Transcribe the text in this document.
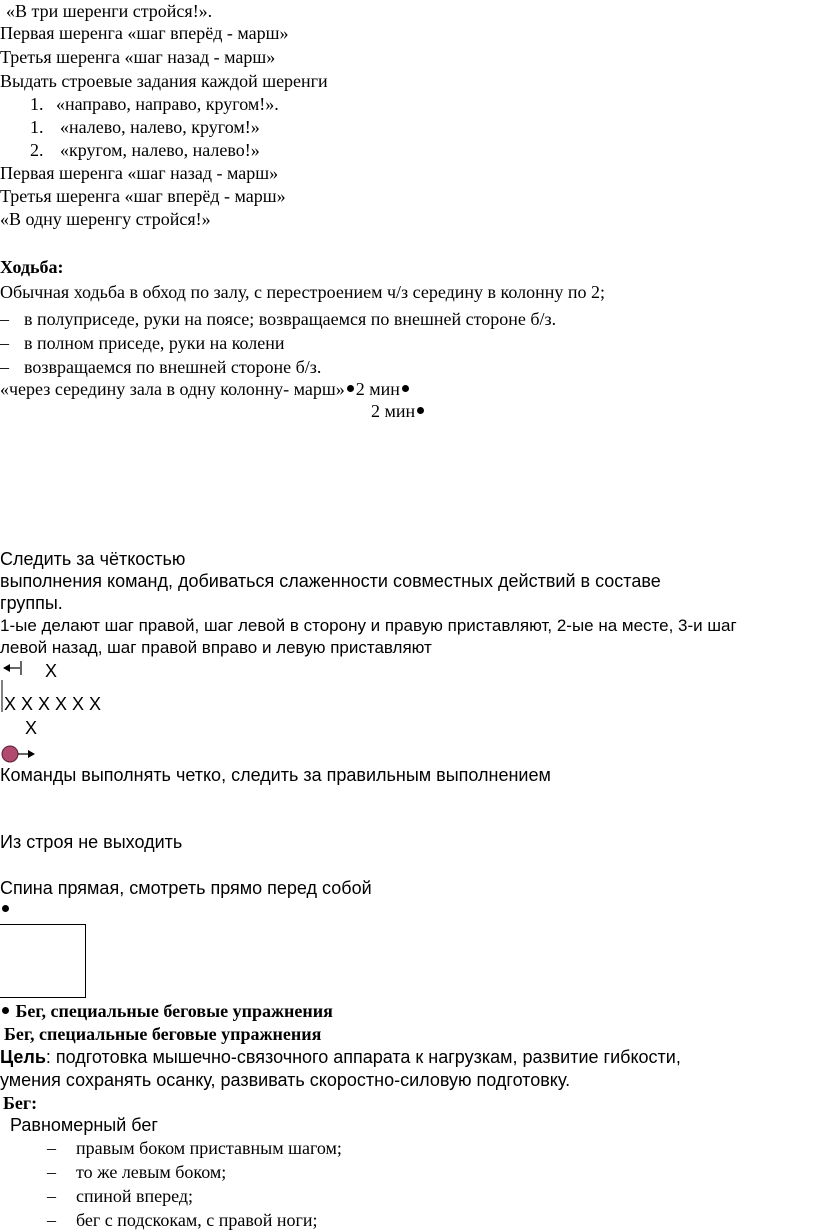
«В три шеренги стройся!».
Первая шеренга «шаг вперёд - марш»
Третья шеренга «шаг назад - марш»
Выдать строевые задания каждой шеренги
1. «направо, направо, кругом!».
1. «налево, налево, кругом!»
2. «кругом, налево, налево!»
Первая шеренга «шаг назад - марш»
Третья шеренга «шаг вперёд - марш»
«В одну шеренгу стройся!»
Ходьба:
Обычная ходьба в обход по залу, с перестроением ч/з середину в колонну по 2;
– в полуприседе, руки на поясе; возвращаемся по внешней стороне б/з.
– в полном приседе, руки на колени
– возвращаемся по внешней стороне б/з.
«через середину зала в одну колонну- марш» 2 мин
2 мин
Следить за чёткостью
выполнения команд, добиваться слаженности совместных действий в составе
группы.
1-ые делают шаг правой, шаг левой в сторону и правую приставляют, 2-ые на месте, 3-и шаг
левой назад, шаг правой вправо и левую приставляют
Х
Х Х Х Х Х Х
Х
Команды выполнять четко, следить за правильным выполнением
Из строя не выходить
Спина прямая, смотреть прямо перед собой
Бег, специальные беговые упражнения
Бег, специальные беговые упражнения
Цель: подготовка мышечно-связочного аппарата к нагрузкам, развитие гибкости,
умения сохранять осанку, развивать скоростно-силовую подготовку.
Бег:
Равномерный бег
– правым боком приставным шагом;
– то же левым боком;
– спиной вперед;
– бег с подскокам, с правой ноги;
